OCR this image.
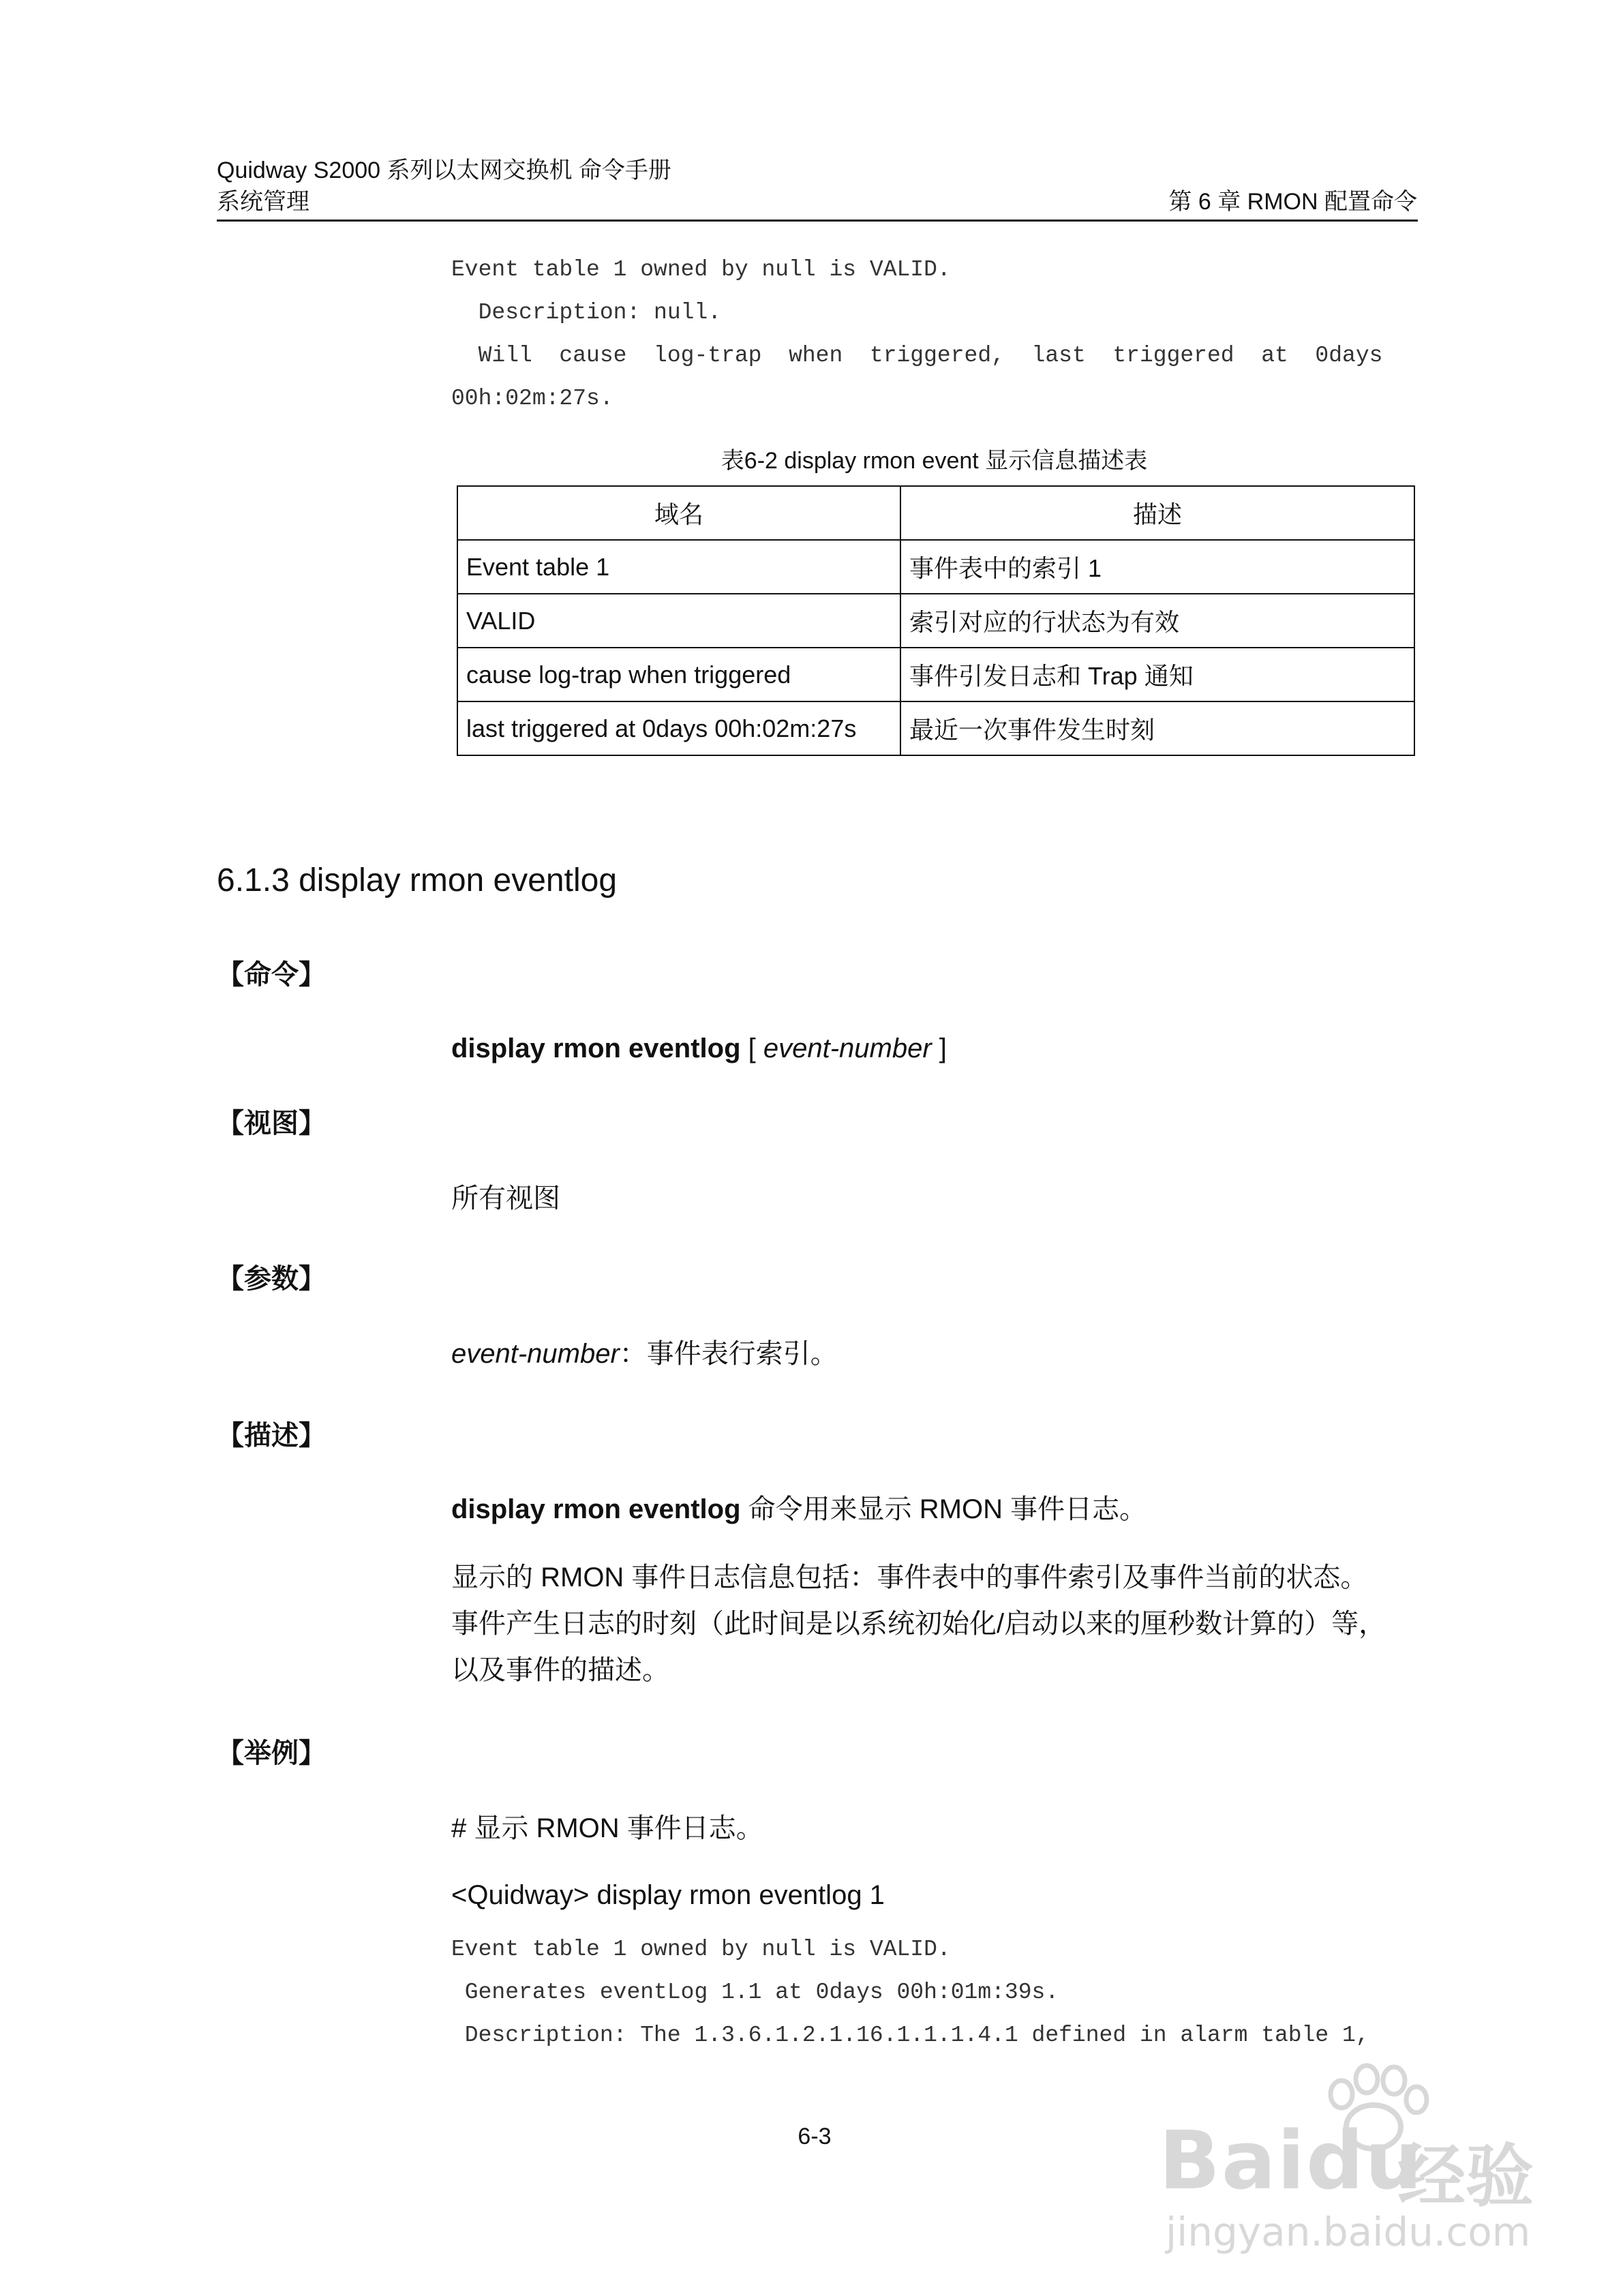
Quidway S2000 系列以太网交换机 命令手册
系统管理	第 6 章 RMON 配置命令
Event table 1 owned by null is VALID.
Description: null.
Will  cause  log-trap  when  triggered,  last  triggered  at  0days
00h:02m:27s.
表6-2 display rmon event 显示信息描述表
域名	描述
Event table 1	事件表中的索引 1
VALID	索引对应的行状态为有效
cause log-trap when triggered	事件引发日志和 Trap 通知
last triggered at 0days 00h:02m:27s	最近一次事件发生时刻
6.1.3 display rmon eventlog
【命令】
display rmon eventlog [ event-number ]
【视图】
所有视图
【参数】
event-number：事件表行索引。
【描述】
display rmon eventlog 命令用来显示 RMON 事件日志。
显示的 RMON 事件日志信息包括：事件表中的事件索引及事件当前的状态。
事件产生日志的时刻（此时间是以系统初始化/启动以来的厘秒数计算的）等，
以及事件的描述。
【举例】
# 显示 RMON 事件日志。
<Quidway> display rmon eventlog 1
Event table 1 owned by null is VALID.
Generates eventLog 1.1 at 0days 00h:01m:39s.
Description: The 1.3.6.1.2.1.16.1.1.1.4.1 defined in alarm table 1,
6-3	Baidu
经验
jingyan.baidu.com
